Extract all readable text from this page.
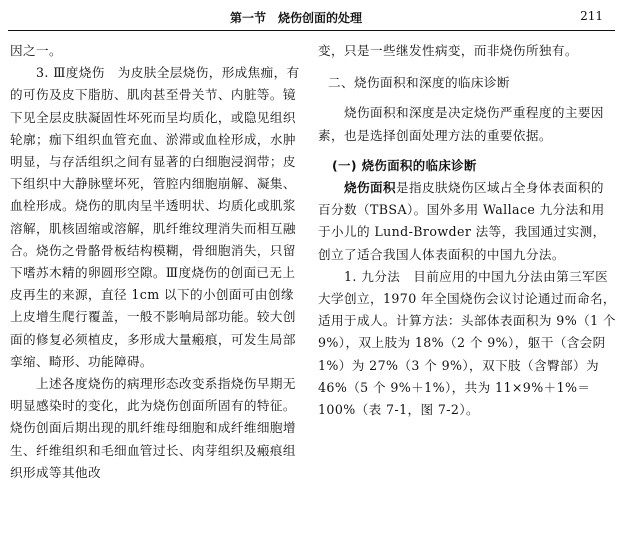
第一节　烧伤创面的处理	211

因之一。

3. Ⅲ度烧伤　为皮肤全层烧伤，形成焦痂，有的可伤及皮下脂肪、肌肉甚至骨关节、内脏等。镜下见全层皮肤凝固性坏死而呈均质化，或隐见组织轮廓；痂下组织血管充血、淤滞或血栓形成，水肿明显，与存活组织之间有显著的白细胞浸润带；皮下组织中大静脉壁坏死，管腔内细胞崩解、凝集、血栓形成。烧伤的肌肉呈半透明状、均质化或肌浆溶解，肌核固缩或溶解，肌纤维纹理消失而相互融合。烧伤之骨骼骨板结构模糊，骨细胞消失，只留下嗜苏木精的卵圆形空隙。Ⅲ度烧伤的创面已无上皮再生的来源，直径 1cm 以下的小创面可由创缘上皮增生爬行覆盖，一般不影响局部功能。较大创面的修复必须植皮，多形成大量瘢痕，可发生局部挛缩、畸形、功能障碍。

上述各度烧伤的病理形态改变系指烧伤早期无明显感染时的变化，此为烧伤创面所固有的特征。烧伤创面后期出现的肌纤维母细胞和成纤维细胞增生、纤维组织和毛细血管过长、肉芽组织及瘢痕组织形成等其他改

变，只是一些继发性病变，而非烧伤所独有。

二、烧伤面积和深度的临床诊断

烧伤面积和深度是决定烧伤严重程度的主要因素，也是选择创面处理方法的重要依据。

(一) 烧伤面积的临床诊断

烧伤面积是指皮肤烧伤区域占全身体表面积的百分数（TBSA）。国外多用 Wallace 九分法和用于小儿的 Lund-Browder 法等，我国通过实测，创立了适合我国人体表面积的中国九分法。

1. 九分法　目前应用的中国九分法由第三军医大学创立，1970 年全国烧伤会议讨论通过而命名，适用于成人。计算方法：头部体表面积为 9%（1 个 9%），双上肢为 18%（2 个 9%），躯干（含会阴 1%）为 27%（3 个 9%），双下肢（含臀部）为 46%（5 个 9%＋1%），共为 11×9%＋1%＝100%（表 7-1，图 7-2）。
